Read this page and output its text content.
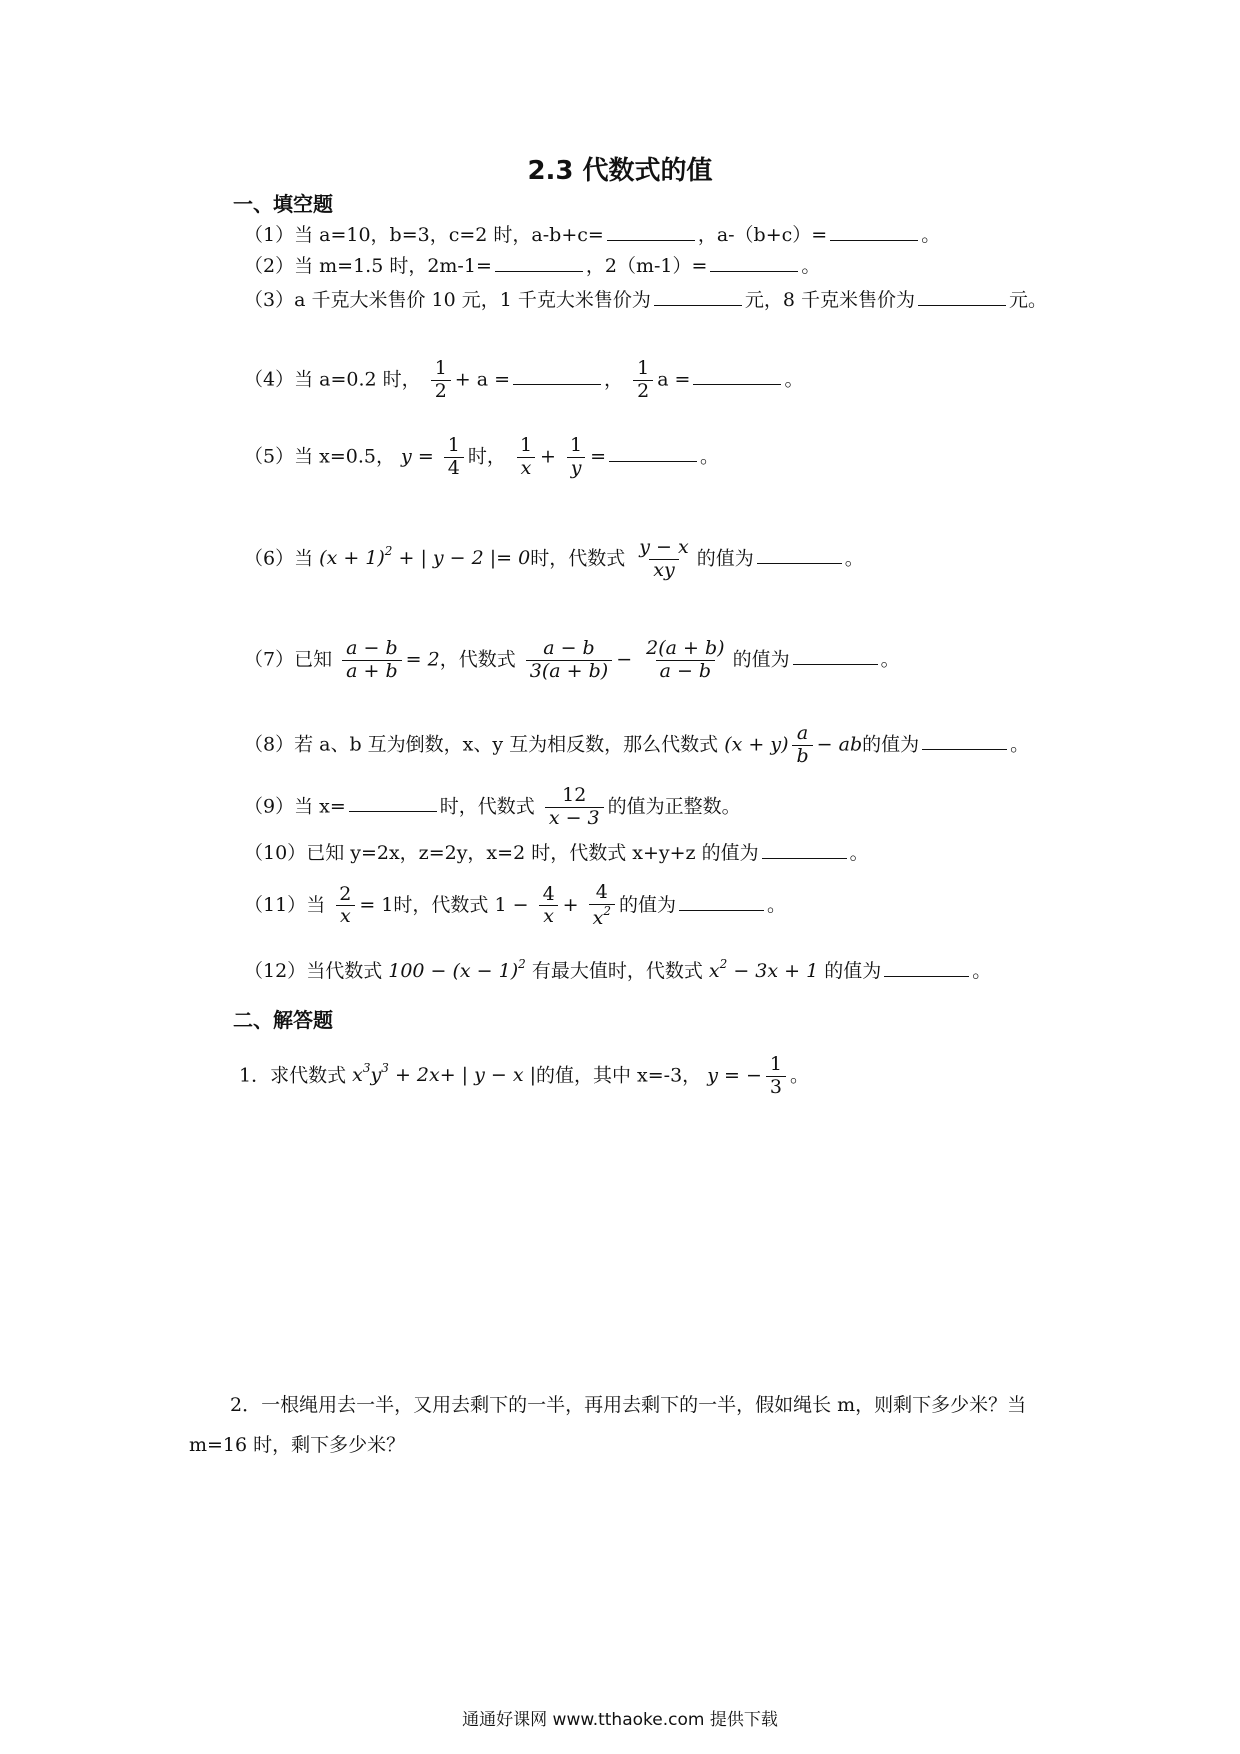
2.3 代数式的值
一、填空题
（1）当 a=10，b=3，c=2 时，a-b+c=	，a-（b+c）=	。
（2）当 m=1.5 时，2m-1=	，2（m-1）=	。
（3）a 千克大米售价 10 元，1 千克大米售价为	元，8 千克米售价为	元。
（4）当 a=0.2 时， $\frac{1}{2} + a$ =	， $\frac{1}{2}$ a =	。
（5）当 x=0.5， $y = \frac{1}{4}$ 时， $\frac{1}{x} + \frac{1}{y}$ =	。
（6）当 $(x + 1)^2$ + | y − 2 |= 0时，代数式 $\frac{y - x}{xy}$ 的值为	。
（7）已知 $\frac{a - b}{a + b} = 2$，代数式 $\frac{a - b}{3(a + b)} - \frac{2(a + b)}{a - b}$ 的值为	。
（8）若 a、b 互为倒数，x、y 互为相反数，那么代数式 $(x + y) \frac{a}{b}$ − ab的值为	。
（9）当 x=	时，代数式 $\frac{12}{x - 3}$ 的值为正整数。
（10）已知 y=2x，z=2y，x=2 时，代数式 x+y+z 的值为	。
（11）当 $\frac{2}{x} = 1$时，代数式 $1 - \frac{4}{x} + \frac{4}{x^2}$ 的值为	。
（12）当代数式 $100 - (x - 1)^2$ 有最大值时，代数式 $x^2 - 3x + 1$ 的值为	。
二、解答题
1．求代数式 $x^3y^3 + 2x+$ | y − x |的值，其中 x=-3， y = − $\frac{1}{3}$ 。
2．一根绳用去一半，又用去剩下的一半，再用去剩下的一半，假如绳长 m，则剩下多少米？当 m=16 时，剩下多少米？
通通好课网 www.tthaoke.com 提供下载
